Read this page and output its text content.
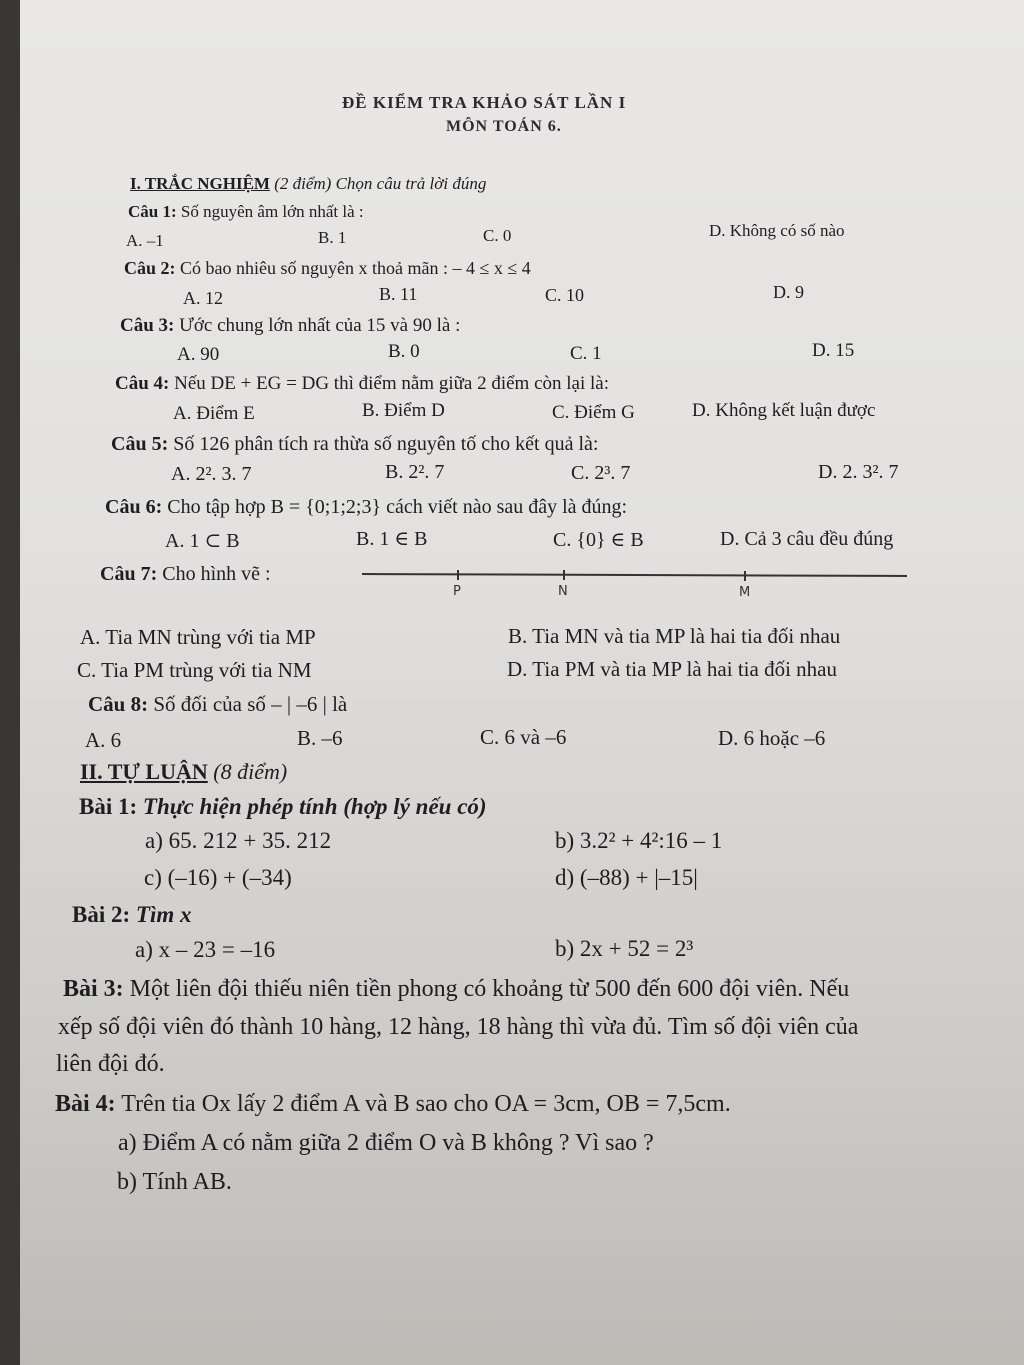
ĐỀ KIỂM TRA KHẢO SÁT LẦN I
MÔN TOÁN 6.
I. TRẮC NGHIỆM (2 điểm) Chọn câu trả lời đúng
Câu 1: Số nguyên âm lớn nhất là :
A. –1	B. 1	C. 0	D. Không có số nào
Câu 2: Có bao nhiêu số nguyên x thoả mãn : – 4 ≤ x ≤ 4
A. 12	B. 11	C. 10	D. 9
Câu 3: Ước chung lớn nhất của 15 và 90 là :
A. 90	B. 0	C. 1	D. 15
Câu 4: Nếu DE + EG = DG thì điểm nằm giữa 2 điểm còn lại là:
A. Điểm E	B. Điểm D	C. Điểm G	D. Không kết luận được
Câu 5: Số 126 phân tích ra thừa số nguyên tố cho kết quả là:
A. 2². 3. 7	B. 2². 7	C. 2³. 7	D. 2. 3². 7
Câu 6: Cho tập hợp B = {0;1;2;3} cách viết nào sau đây là đúng:
A. 1 ⊂ B	B. 1 ∈ B	C. {0} ∈ B	D. Cả 3 câu đều đúng
Câu 7: Cho hình vẽ :
P	N	M
A. Tia MN trùng với tia MP	B. Tia MN và tia MP là hai tia đối nhau
C. Tia PM trùng với tia NM	D. Tia PM và tia MP là hai tia đối nhau
Câu 8: Số đối của số – | –6 | là
A. 6	B. –6	C. 6 và –6	D. 6 hoặc –6
II. TỰ LUẬN (8 điểm)
Bài 1: Thực hiện phép tính (hợp lý nếu có)
a) 65. 212 + 35. 212	b) 3.2² + 4²:16 – 1
c) (–16) + (–34)	d) (–88) + |–15|
Bài 2: Tìm x
a) x – 23 = –16	b) 2x + 52 = 2³
Bài 3: Một liên đội thiếu niên tiền phong có khoảng từ 500 đến 600 đội viên. Nếu
xếp số đội viên đó thành 10 hàng, 12 hàng, 18 hàng thì vừa đủ. Tìm số đội viên của
liên đội đó.
Bài 4: Trên tia Ox lấy 2 điểm A và B sao cho OA = 3cm, OB = 7,5cm.
a) Điểm A có nằm giữa 2 điểm O và B không ? Vì sao ?
b) Tính AB.
